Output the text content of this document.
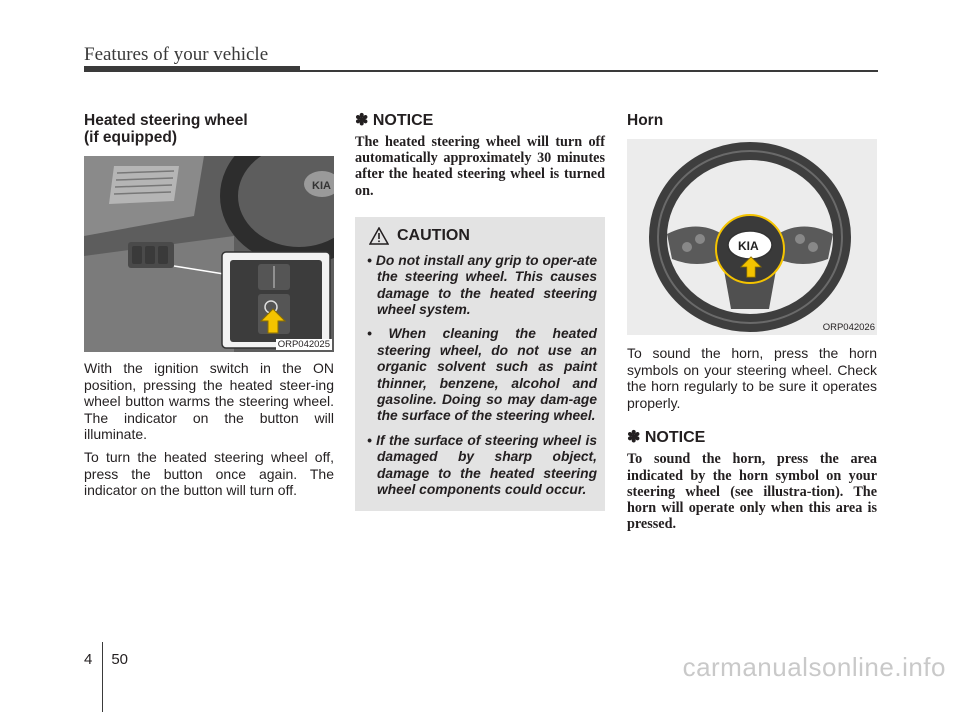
Features of your vehicle
Heated steering wheel
(if equipped)
KIA
ORP042025

With the ignition switch in the ON position, pressing the heated steer-ing wheel button warms the steering wheel. The indicator on the button will illuminate.

To turn the heated steering wheel off, press the button once again. The indicator on the button will turn off.

✽ NOTICE

The heated steering wheel will turn off automatically approximately 30 minutes after the heated steering wheel is turned on.

CAUTION
• Do not install any grip to oper-ate the steering wheel. This causes damage to the heated steering wheel system.
• When cleaning the heated steering wheel, do not use an organic solvent such as paint thinner, benzene, alcohol and gasoline. Doing so may dam-age the surface of the steering wheel.
• If the surface of steering wheel is damaged by sharp object, damage to the heated steering wheel components could occur.
Horn
KIA
ORP042026

To sound the horn, press the horn symbols on your steering wheel. Check the horn regularly to be sure it operates properly.

✽ NOTICE

To sound the horn, press the area indicated by the horn symbol on your steering wheel (see illustra-tion). The horn will operate only when this area is pressed.

4 50	carmanualsonline.info
